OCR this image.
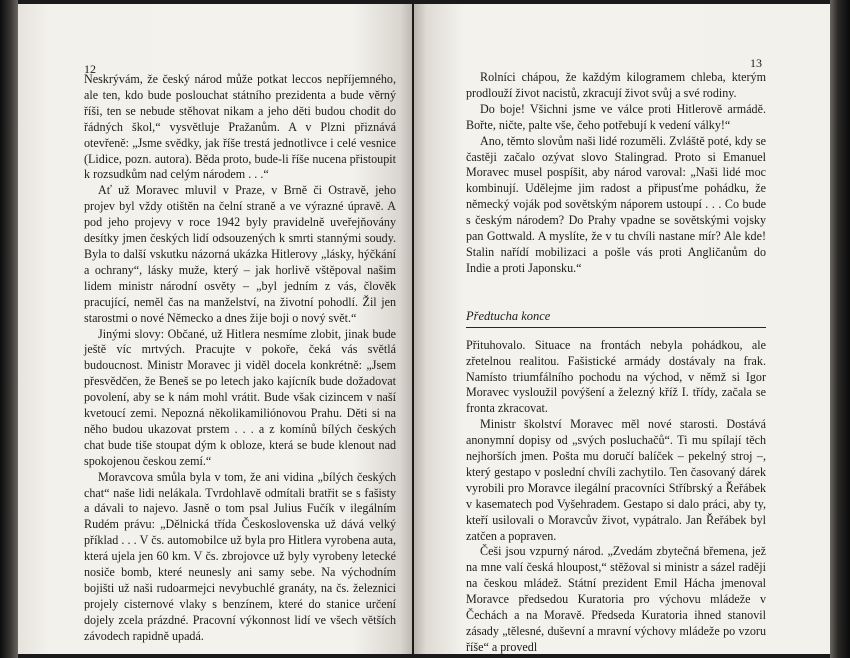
12

Neskrývám, že český národ může potkat leccos nepříjemného, ale ten, kdo bude poslouchat státního prezidenta a bude věrný říši, ten se nebude stěhovat nikam a jeho děti budou chodit do řádných škol,“ vysvětluje Pražanům. A v Plzni přiznává otevřeně: „Jsme svědky, jak říše trestá jednotlivce i celé vesnice (Lidice, pozn. autora). Běda proto, bude-li říše nucena přistoupit k rozsudkům nad celým národem . . .“

Ať už Moravec mluvil v Praze, v Brně či Ostravě, jeho projev byl vždy otištěn na čelní straně a ve výrazné úpravě. A pod jeho projevy v roce 1942 byly pravidelně uveřejňovány desítky jmen českých lidí odsouzených k smrti stannými soudy. Byla to další vskutku názorná ukázka Hitlerovy „lásky, hýčkání a ochrany“, lásky muže, který – jak horlivě vštěpoval našim lidem ministr národní osvěty – „byl jedním z vás, člověk pracující, neměl čas na manželství, na životní pohodlí. Žil jen starostmi o nové Německo a dnes žije boji o nový svět.“

Jinými slovy: Občané, už Hitlera nesmíme zlobit, jinak bude ještě víc mrtvých. Pracujte v pokoře, čeká vás světlá budoucnost. Ministr Moravec ji viděl docela konkrétně: „Jsem přesvědčen, že Beneš se po letech jako kajícník bude dožadovat povolení, aby se k nám mohl vrátit. Bude však cizincem v naší kvetoucí zemi. Nepozná několikamiliónovou Prahu. Děti si na něho budou ukazovat prstem . . . a z komínů bílých českých chat bude tiše stoupat dým k obloze, která se bude klenout nad spokojenou českou zemí.“

Moravcova smůla byla v tom, že ani vidina „bílých českých chat“ naše lidi nelákala. Tvrdohlavě odmítali bratřit se s fašisty a dávali to najevo. Jasně o tom psal Julius Fučík v ilegálním Rudém právu: „Dělnická třída Československa už dává velký příklad . . . V čs. automobilce už byla pro Hitlera vyrobena auta, která ujela jen 60 km. V čs. zbrojovce už byly vyrobeny letecké nosiče bomb, které neunesly ani samy sebe. Na východním bojišti už naši rudoarmejci nevybuchlé granáty, na čs. železnici projely cisternové vlaky s benzínem, které do stanice určení dojely zcela prázdné. Pracovní výkonnost lidí ve všech větších závodech rapidně upadá.

13

Rolníci chápou, že každým kilogramem chleba, kterým prodlouží život nacistů, zkracují život svůj a své rodiny.

Do boje! Všichni jsme ve válce proti Hitlerově armádě. Bořte, ničte, palte vše, čeho potřebují k vedení války!“

Ano, těmto slovům naši lidé rozuměli. Zvláště poté, kdy se častěji začalo ozývat slovo Stalingrad. Proto si Emanuel Moravec musel pospíšit, aby národ varoval: „Naši lidé moc kombinují. Udělejme jim radost a připusťme pohádku, že německý voják pod sovětským náporem ustoupí . . . Co bude s českým národem? Do Prahy vpadne se sovětskými vojsky pan Gottwald. A myslíte, že v tu chvíli nastane mír? Ale kde! Stalin nařídí mobilizaci a pošle vás proti Angličanům do Indie a proti Japonsku.“

Předtucha konce

Přituhovalo. Situace na frontách nebyla pohádkou, ale zřetelnou realitou. Fašistické armády dostávaly na frak. Namísto triumfálního pochodu na východ, v němž si Igor Moravec vysloužil povýšení a železný kříž I. třídy, začala se fronta zkracovat.

Ministr školství Moravec měl nové starosti. Dostává anonymní dopisy od „svých posluchačů“. Ti mu spílají těch nejhorších jmen. Pošta mu doručí balíček – pekelný stroj –, který gestapo v poslední chvíli zachytilo. Ten časovaný dárek vyrobili pro Moravce ilegální pracovníci Stříbrský a Řeřábek v kasematech pod Vyšehradem. Gestapo si dalo práci, aby ty, kteří usilovali o Moravcův život, vypátralo. Jan Řeřábek byl zatčen a popraven.

Češi jsou vzpurný národ. „Zvedám zbytečná břemena, jež na mne valí česká hloupost,“ stěžoval si ministr a sázel raději na českou mládež. Státní prezident Emil Hácha jmenoval Moravce předsedou Kuratoria pro výchovu mládeže v Čechách a na Moravě. Předseda Kuratoria ihned stanovil zásady „tělesné, duševní a mravní výchovy mládeže po vzoru říše“ a provedl
